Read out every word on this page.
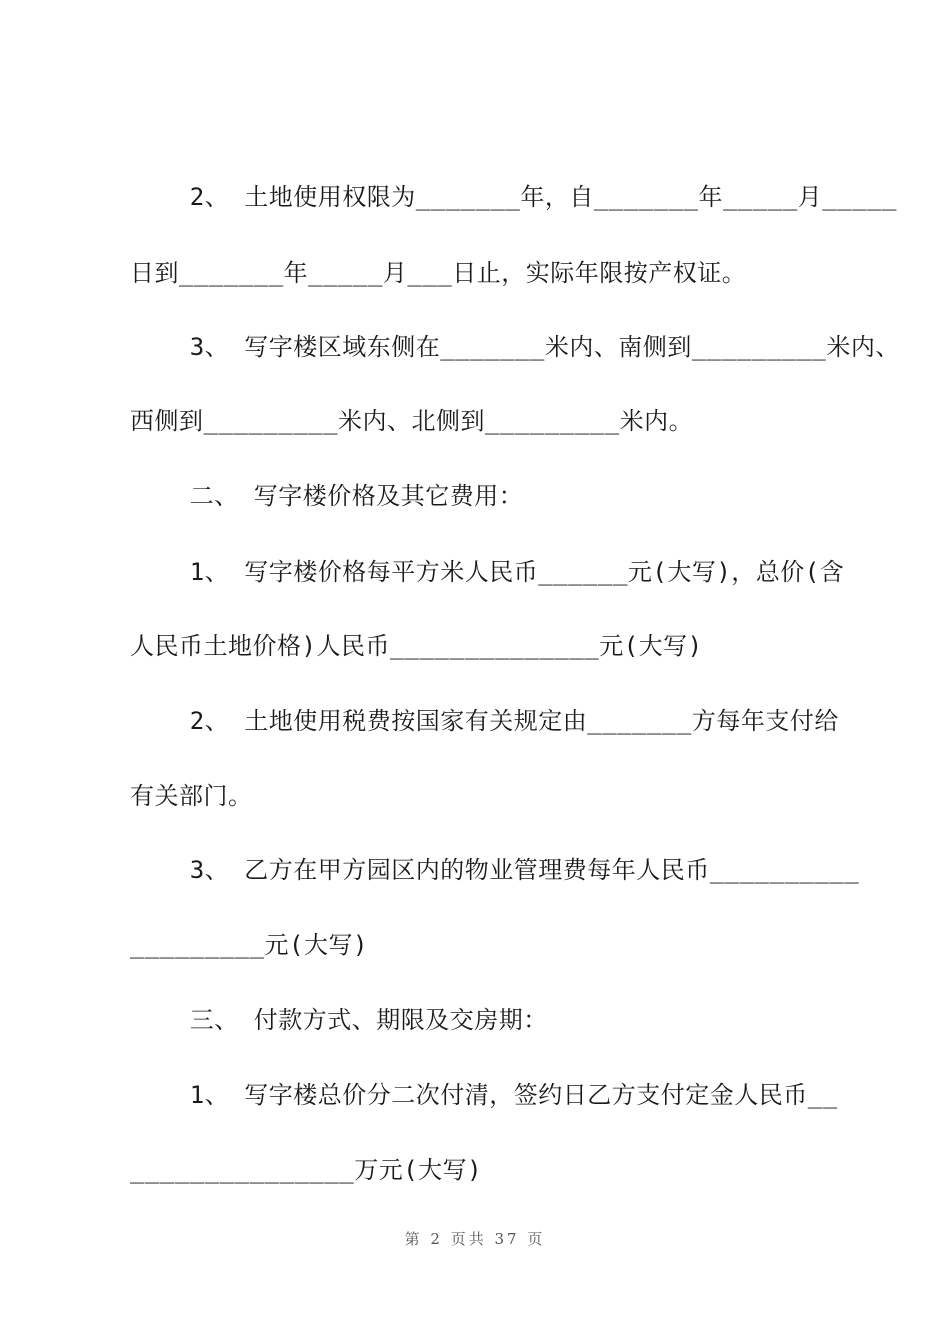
2、 土地使用权限为_______年，自_______年_____月_____
日到_______年_____月___日止，实际年限按产权证。
3、 写字楼区域东侧在_______米内、南侧到_________米内、
西侧到_________米内、北侧到_________米内。
二、 写字楼价格及其它费用：
1、 写字楼价格每平方米人民币______元(大写)，总价(含
人民币土地价格)人民币______________元(大写)
2、 土地使用税费按国家有关规定由_______方每年支付给
有关部门。
3、 乙方在甲方园区内的物业管理费每年人民币__________
_________元(大写)
三、 付款方式、期限及交房期：
1、 写字楼总价分二次付清，签约日乙方支付定金人民币__
_______________万元(大写)
第 2 页共 37 页
